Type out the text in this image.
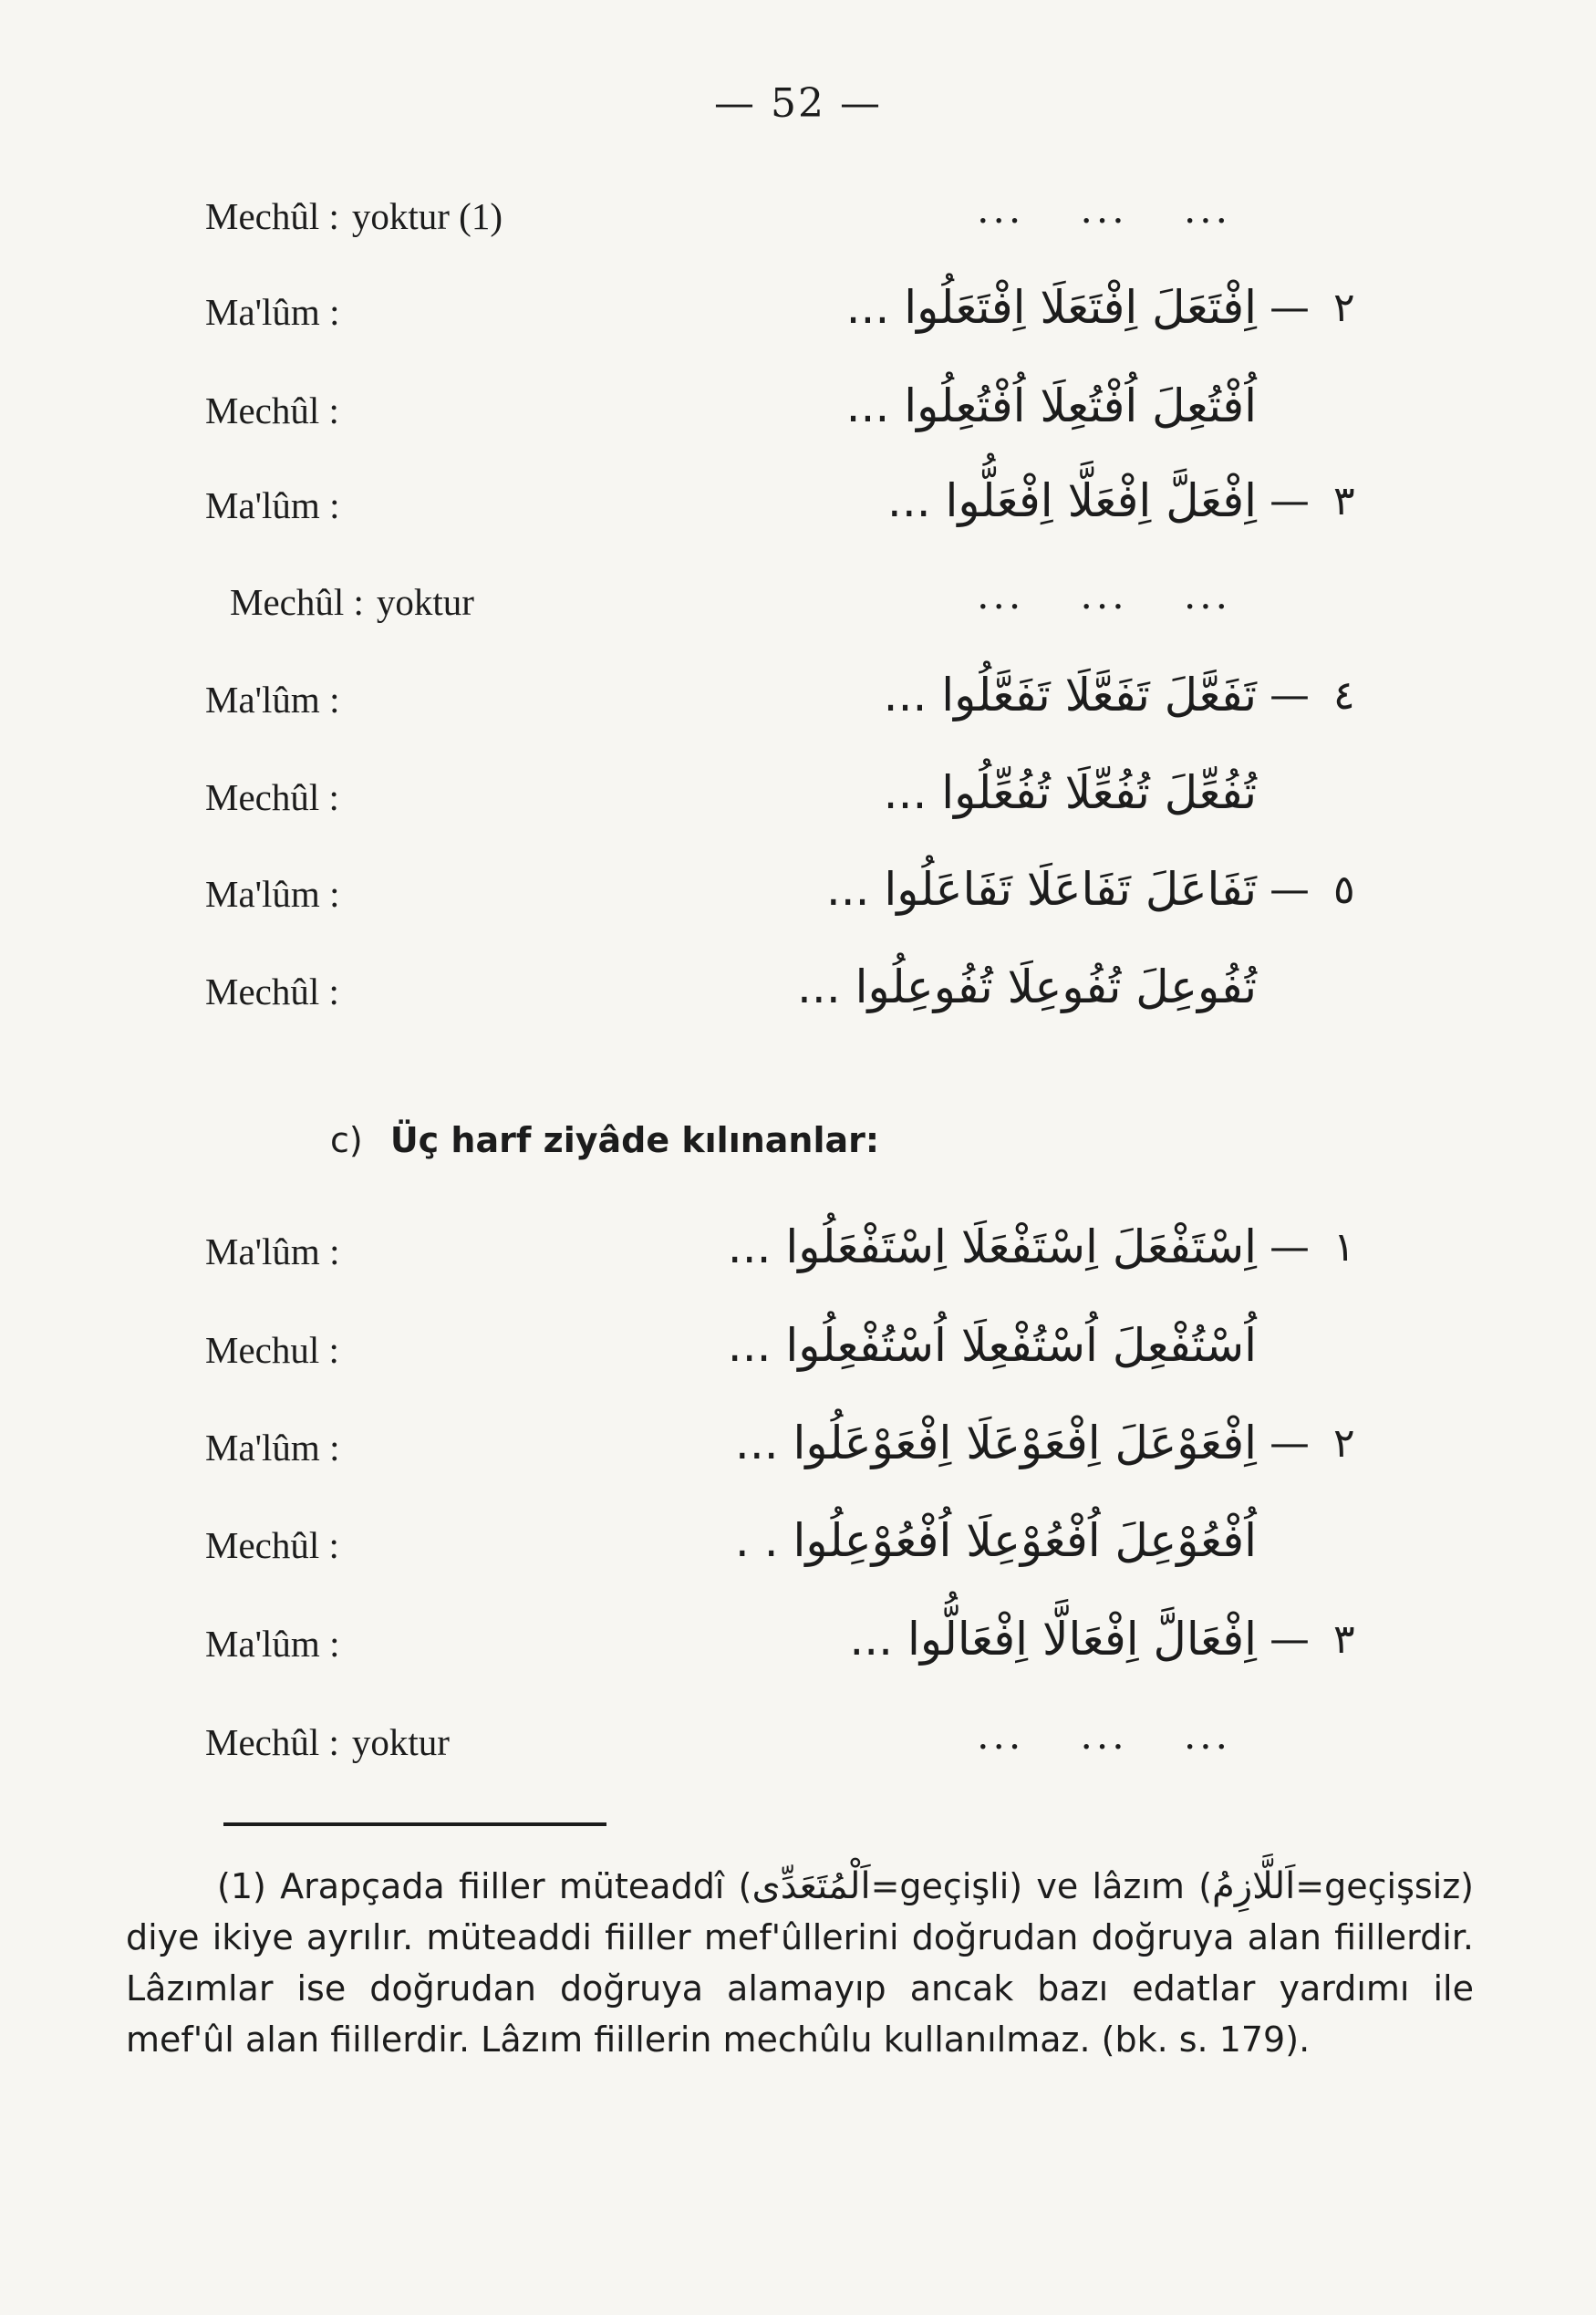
— 52 —
Mechûl : yoktur (1)	... ... ...
Ma'lûm :	اِفْتَعَلَ اِفْتَعَلَا اِفْتَعَلُوا ... — ٢
Mechûl :	اُفْتُعِلَ اُفْتُعِلَا اُفْتُعِلُوا ...
Ma'lûm :	اِفْعَلَّ اِفْعَلَّا اِفْعَلُّوا ... — ٣
Mechûl : yoktur	... ... ...
Ma'lûm :	تَفَعَّلَ تَفَعَّلَا تَفَعَّلُوا ... — ٤
Mechûl :	تُفُعِّلَ تُفُعِّلَا تُفُعِّلُوا ...
Ma'lûm :	تَفَاعَلَ تَفَاعَلَا تَفَاعَلُوا ... — ٥
Mechûl :	تُفُوعِلَ تُفُوعِلَا تُفُوعِلُوا ...
c) Üç harf ziyâde kılınanlar:
Ma'lûm :	اِسْتَفْعَلَ اِسْتَفْعَلَا اِسْتَفْعَلُوا ... — ١
Mechul :	اُسْتُفْعِلَ اُسْتُفْعِلَا اُسْتُفْعِلُوا ...
Ma'lûm :	اِفْعَوْعَلَ اِفْعَوْعَلَا اِفْعَوْعَلُوا ... — ٢
Mechûl :	اُفْعُوْعِلَ اُفْعُوْعِلَا اُفْعُوْعِلُوا . .
Ma'lûm :	اِفْعَالَّ اِفْعَالَّا اِفْعَالُّوا ... — ٣
Mechûl : yoktur	... ... ...
(1) Arapçada fiiller müteaddî (اَلْمُتَعَدِّى=geçişli) ve lâzım (اَللَّازِمُ=geçişsiz) diye ikiye ayrılır. müteaddi fiiller mef'ûllerini doğrudan doğruya alan fiillerdir. Lâzımlar ise doğrudan doğruya alamayıp ancak bazı edatlar yardımı ile mef'ûl alan fiillerdir. Lâzım fiillerin mechûlu kullanılmaz. (bk. s. 179).
